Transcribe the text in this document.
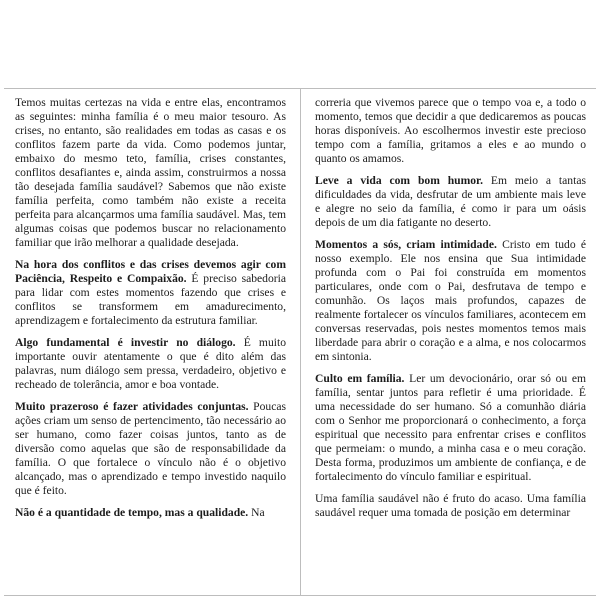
Temos muitas certezas na vida e entre elas, encontramos as seguintes: minha família é o meu maior tesouro. As crises, no entanto, são realidades em todas as casas e os conflitos fazem parte da vida. Como podemos juntar, embaixo do mesmo teto, família, crises constantes, conflitos desafiantes e, ainda assim, construirmos a nossa tão desejada família saudável? Sabemos que não existe família perfeita, como também não existe a receita perfeita para alcançarmos uma família saudável. Mas, tem algumas coisas que podemos buscar no relacionamento familiar que irão melhorar a qualidade desejada.

Na hora dos conflitos e das crises devemos agir com Paciência, Respeito e Compaixão. É preciso sabedoria para lidar com estes momentos fazendo que crises e conflitos se transformem em amadurecimento, aprendizagem e fortalecimento da estrutura familiar.

Algo fundamental é investir no diálogo. É muito importante ouvir atentamente o que é dito além das palavras, num diálogo sem pressa, verdadeiro, objetivo e recheado de tolerância, amor e boa vontade.

Muito prazeroso é fazer atividades conjuntas. Poucas ações criam um senso de pertencimento, tão necessário ao ser humano, como fazer coisas juntos, tanto as de diversão como aquelas que são de responsabilidade da família. O que fortalece o vínculo não é o objetivo alcançado, mas o aprendizado e tempo investido naquilo que é feito.

Não é a quantidade de tempo, mas a qualidade. Na

correria que vivemos parece que o tempo voa e, a todo o momento, temos que decidir a que dedicaremos as poucas horas disponíveis. Ao escolhermos investir este precioso tempo com a família, gritamos a eles e ao mundo o quanto os amamos.

Leve a vida com bom humor. Em meio a tantas dificuldades da vida, desfrutar de um ambiente mais leve e alegre no seio da família, é como ir para um oásis depois de um dia fatigante no deserto.

Momentos a sós, criam intimidade. Cristo em tudo é nosso exemplo. Ele nos ensina que Sua intimidade profunda com o Pai foi construída em momentos particulares, onde com o Pai, desfrutava de tempo e comunhão. Os laços mais profundos, capazes de realmente fortalecer os vínculos familiares, acontecem em conversas reservadas, pois nestes momentos temos mais liberdade para abrir o coração e a alma, e nos colocarmos em sintonia.

Culto em família. Ler um devocionário, orar só ou em família, sentar juntos para refletir é uma prioridade. É uma necessidade do ser humano. Só a comunhão diária com o Senhor me proporcionará o conhecimento, a força espiritual que necessito para enfrentar crises e conflitos que permeiam: o mundo, a minha casa e o meu coração. Desta forma, produzimos um ambiente de confiança, e de fortalecimento do vínculo familiar e espiritual.

Uma família saudável não é fruto do acaso. Uma família saudável requer uma tomada de posição em determinar
